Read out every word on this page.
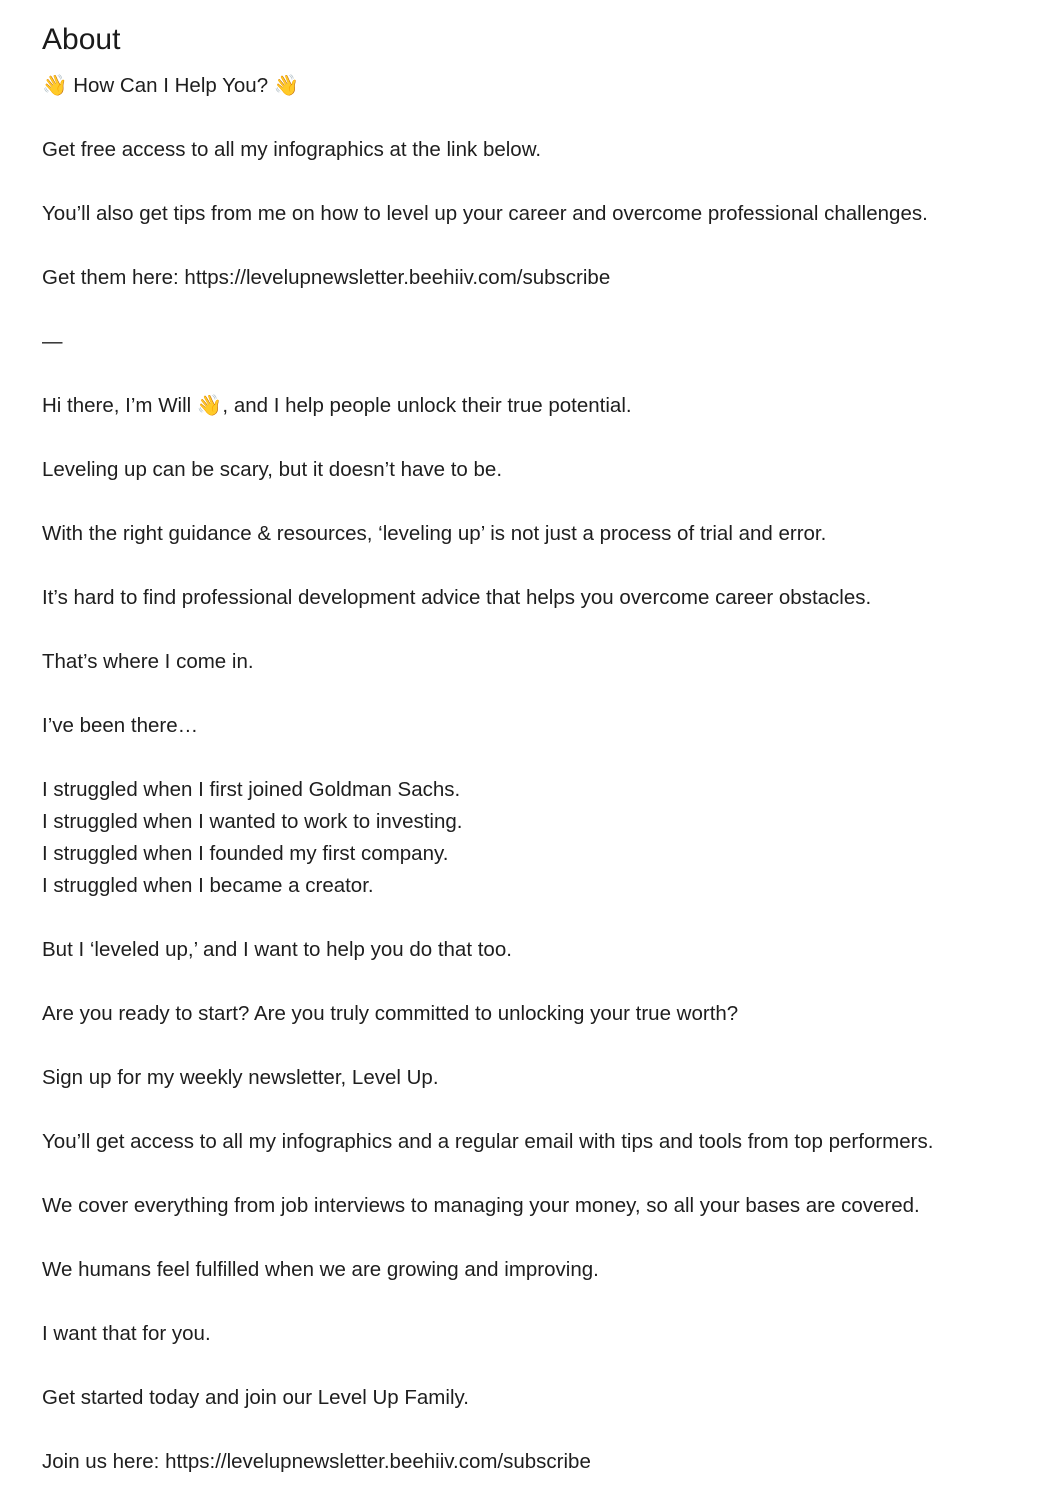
About
👋 How Can I Help You? 👋

Get free access to all my infographics at the link below.

You’ll also get tips from me on how to level up your career and overcome professional challenges.

Get them here: https://levelupnewsletter.beehiiv.com/subscribe

—

Hi there, I’m Will 👋, and I help people unlock their true potential.

Leveling up can be scary, but it doesn’t have to be.

With the right guidance & resources, ‘leveling up’ is not just a process of trial and error.

It’s hard to find professional development advice that helps you overcome career obstacles.

That’s where I come in.

I’ve been there…

I struggled when I first joined Goldman Sachs.
I struggled when I wanted to work to investing.
I struggled when I founded my first company.
I struggled when I became a creator.

But I ‘leveled up,’ and I want to help you do that too.

Are you ready to start? Are you truly committed to unlocking your true worth?

Sign up for my weekly newsletter, Level Up.

You’ll get access to all my infographics and a regular email with tips and tools from top performers.

We cover everything from job interviews to managing your money, so all your bases are covered.

We humans feel fulfilled when we are growing and improving.

I want that for you.

Get started today and join our Level Up Family.

Join us here: https://levelupnewsletter.beehiiv.com/subscribe
